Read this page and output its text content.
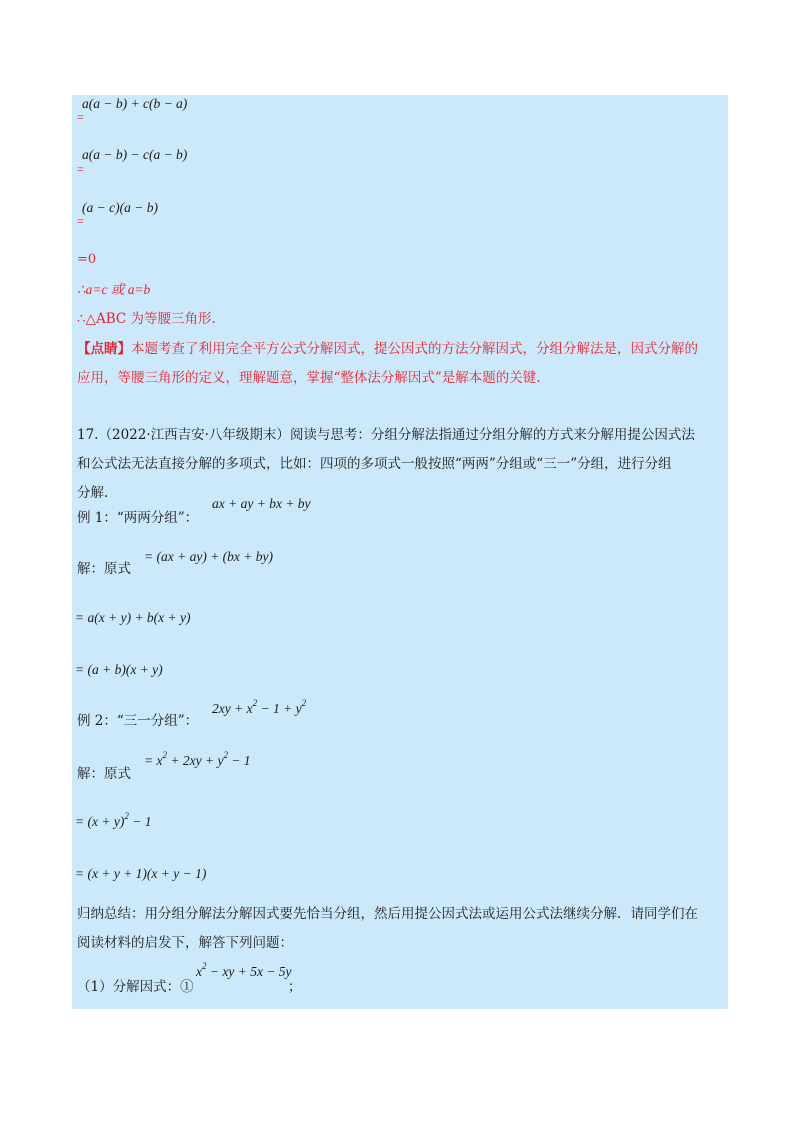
a(a − b) + c(b − a)
=
a(a − b) − c(a − b)
=
(a − c)(a − b)
=
=0
∴a=c 或 a=b
∴△ABC 为等腰三角形.
【点睛】本题考查了利用完全平方公式分解因式，提公因式的方法分解因式，分组分解法是，因式分解的
应用，等腰三角形的定义，理解题意，掌握“整体法分解因式”是解本题的关键.
17.（2022·江西吉安·八年级期末）阅读与思考：分组分解法指通过分组分解的方式来分解用提公因式法
和公式法无法直接分解的多项式，比如：四项的多项式一般按照“两两”分组或“三一”分组，进行分组
分解.
例 1：“两两分组”：
ax + ay + bx + by
解：原式
= (ax + ay) + (bx + by)
= a(x + y) + b(x + y)
= (a + b)(x + y)
例 2：“三一分组”：
$2xy + x^2 - 1 + y^2$
解：原式
= $x^2 + 2xy + y^2 - 1$
= $(x + y)^2 - 1$
= (x + y + 1)(x + y − 1)
归纳总结：用分组分解法分解因式要先恰当分组，然后用提公因式法或运用公式法继续分解．请同学们在
阅读材料的启发下，解答下列问题：
（1）分解因式：①
$x^2$ − xy + 5x − 5y
；
